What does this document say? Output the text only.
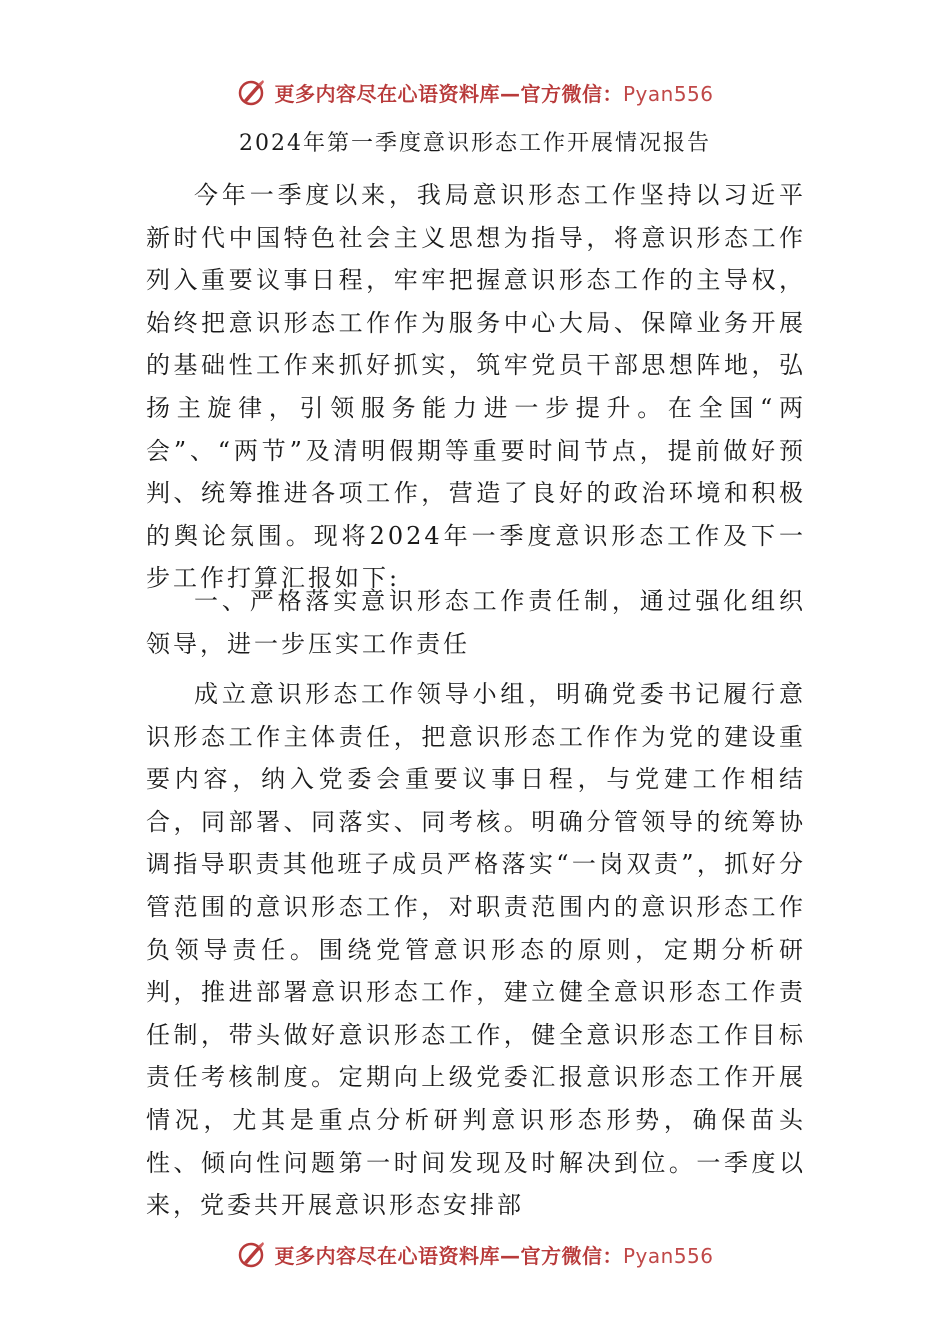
更多内容尽在心语资料库—官方微信：Pyan556
2024年第一季度意识形态工作开展情况报告

今年一季度以来，我局意识形态工作坚持以习近平新时代中国特色社会主义思想为指导，将意识形态工作列入重要议事日程，牢牢把握意识形态工作的主导权，始终把意识形态工作作为服务中心大局、保障业务开展的基础性工作来抓好抓实，筑牢党员干部思想阵地，弘扬主旋律，引领服务能力进一步提升。在全国“两会”、“两节”及清明假期等重要时间节点，提前做好预判、统筹推进各项工作，营造了良好的政治环境和积极的舆论氛围。现将2024年一季度意识形态工作及下一步工作打算汇报如下:

一、严格落实意识形态工作责任制，通过强化组织领导，进一步压实工作责任

成立意识形态工作领导小组，明确党委书记履行意识形态工作主体责任，把意识形态工作作为党的建设重要内容，纳入党委会重要议事日程，与党建工作相结合，同部署、同落实、同考核。明确分管领导的统筹协调指导职责其他班子成员严格落实“一岗双责”，抓好分管范围的意识形态工作，对职责范围内的意识形态工作负领导责任。围绕党管意识形态的原则，定期分析研判，推进部署意识形态工作，建立健全意识形态工作责任制，带头做好意识形态工作，健全意识形态工作目标责任考核制度。定期向上级党委汇报意识形态工作开展情况，尤其是重点分析研判意识形态形势，确保苗头性、倾向性问题第一时间发现及时解决到位。一季度以来，党委共开展意识形态安排部

更多内容尽在心语资料库—官方微信：Pyan556
